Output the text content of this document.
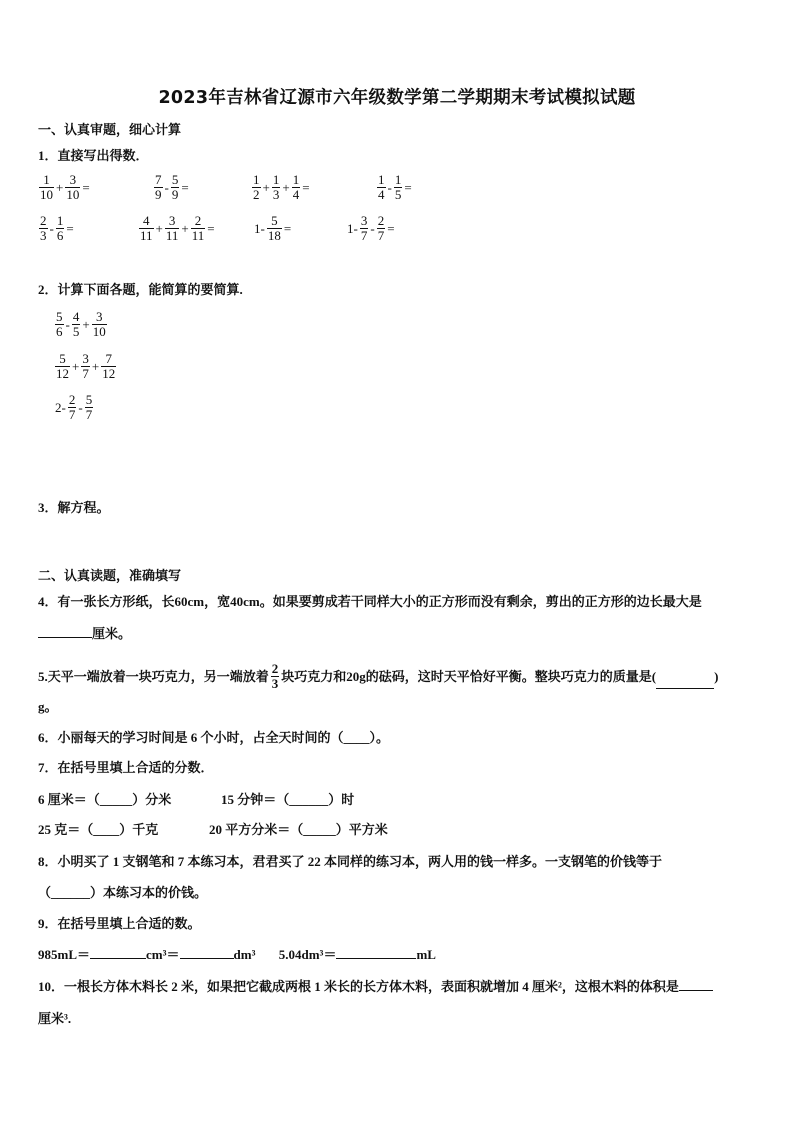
2023年吉林省辽源市六年级数学第二学期期末考试模拟试题
一、认真审题，细心计算
1．直接写出得数．
2．计算下面各题，能简算的要简算.
3．解方程。
二、认真读题，准确填写
4．有一张长方形纸，长60cm，宽40cm。如果要剪成若干同样大小的正方形而没有剩余，剪出的正方形的边长最大是
厘米。
5.天平一端放着一块巧克力，另一端放着
2
3 块巧克力和20g的砝码，这时天平恰好平衡。整块巧克力的质量是(	)
g。
6．小丽每天的学习时间是 6 个小时，占全天时间的（____）。
7．在括号里填上合适的分数．
6 厘米＝（_____）分米	15 分钟＝（______）时
25 克＝（____）千克	20 平方分米＝（_____）平方米
8．小明买了 1 支钢笔和 7 本练习本，君君买了 22 本同样的练习本，两人用的钱一样多。一支钢笔的价钱等于
（______）本练习本的价钱。
9．在括号里填上合适的数。
985mL＝	cm³＝	dm³ 5.04dm³＝	mL
10．一根长方体木料长 2 米，如果把它截成两根 1 米长的长方体木料，表面积就增加 4 厘米²，这根木料的体积是
厘米³.
$\frac{1}{10} + \frac{3}{10}$ =	$\frac{7}{9} - \frac{5}{9}$ =	$\frac{1}{2} + \frac{1}{3} + \frac{1}{4}$ =	$\frac{1}{4} - \frac{1}{5}$ =
$\frac{2}{3} - \frac{1}{6}$ =	$\frac{4}{11} + \frac{3}{11} + \frac{2}{11}$ =	$1- \frac{5}{18}$ =	$1- \frac{3}{7} - \frac{2}{7}$ =
$\frac{5}{6} - \frac{4}{5} + \frac{3}{10}$
$\frac{5}{12} + \frac{3}{7} + \frac{7}{12}$
$2- \frac{2}{7} - \frac{5}{7}$
